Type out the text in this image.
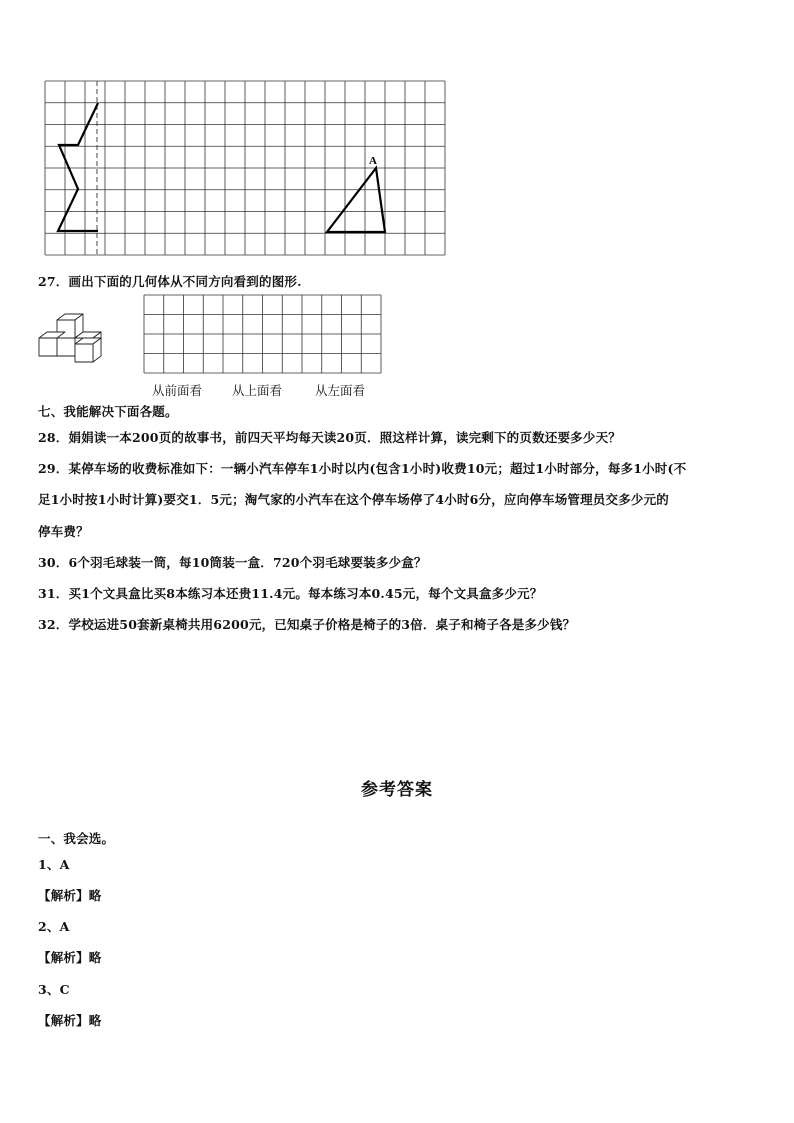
A
27．画出下面的几何体从不同方向看到的图形.
从前面看 从上面看	从左面看
七、我能解决下面各题。
28．娟娟读一本200页的故事书，前四天平均每天读20页．照这样计算，读完剩下的页数还要多少天？
29．某停车场的收费标准如下：一辆小汽车停车1小时以内(包含1小时)收费10元；超过1小时部分，每多1小时(不
足1小时按1小时计算)要交1．5元；淘气家的小汽车在这个停车场停了4小时6分，应向停车场管理员交多少元的
停车费？
30．6个羽毛球装一筒，每10筒装一盒．720个羽毛球要装多少盒？
31．买1个文具盒比买8本练习本还贵11.4元。每本练习本0.45元，每个文具盒多少元？
32．学校运进50套新桌椅共用6200元，已知桌子价格是椅子的3倍．桌子和椅子各是多少钱？
参考答案
一、我会选。
1、A
【解析】略
2、A
【解析】略
3、C
【解析】略
